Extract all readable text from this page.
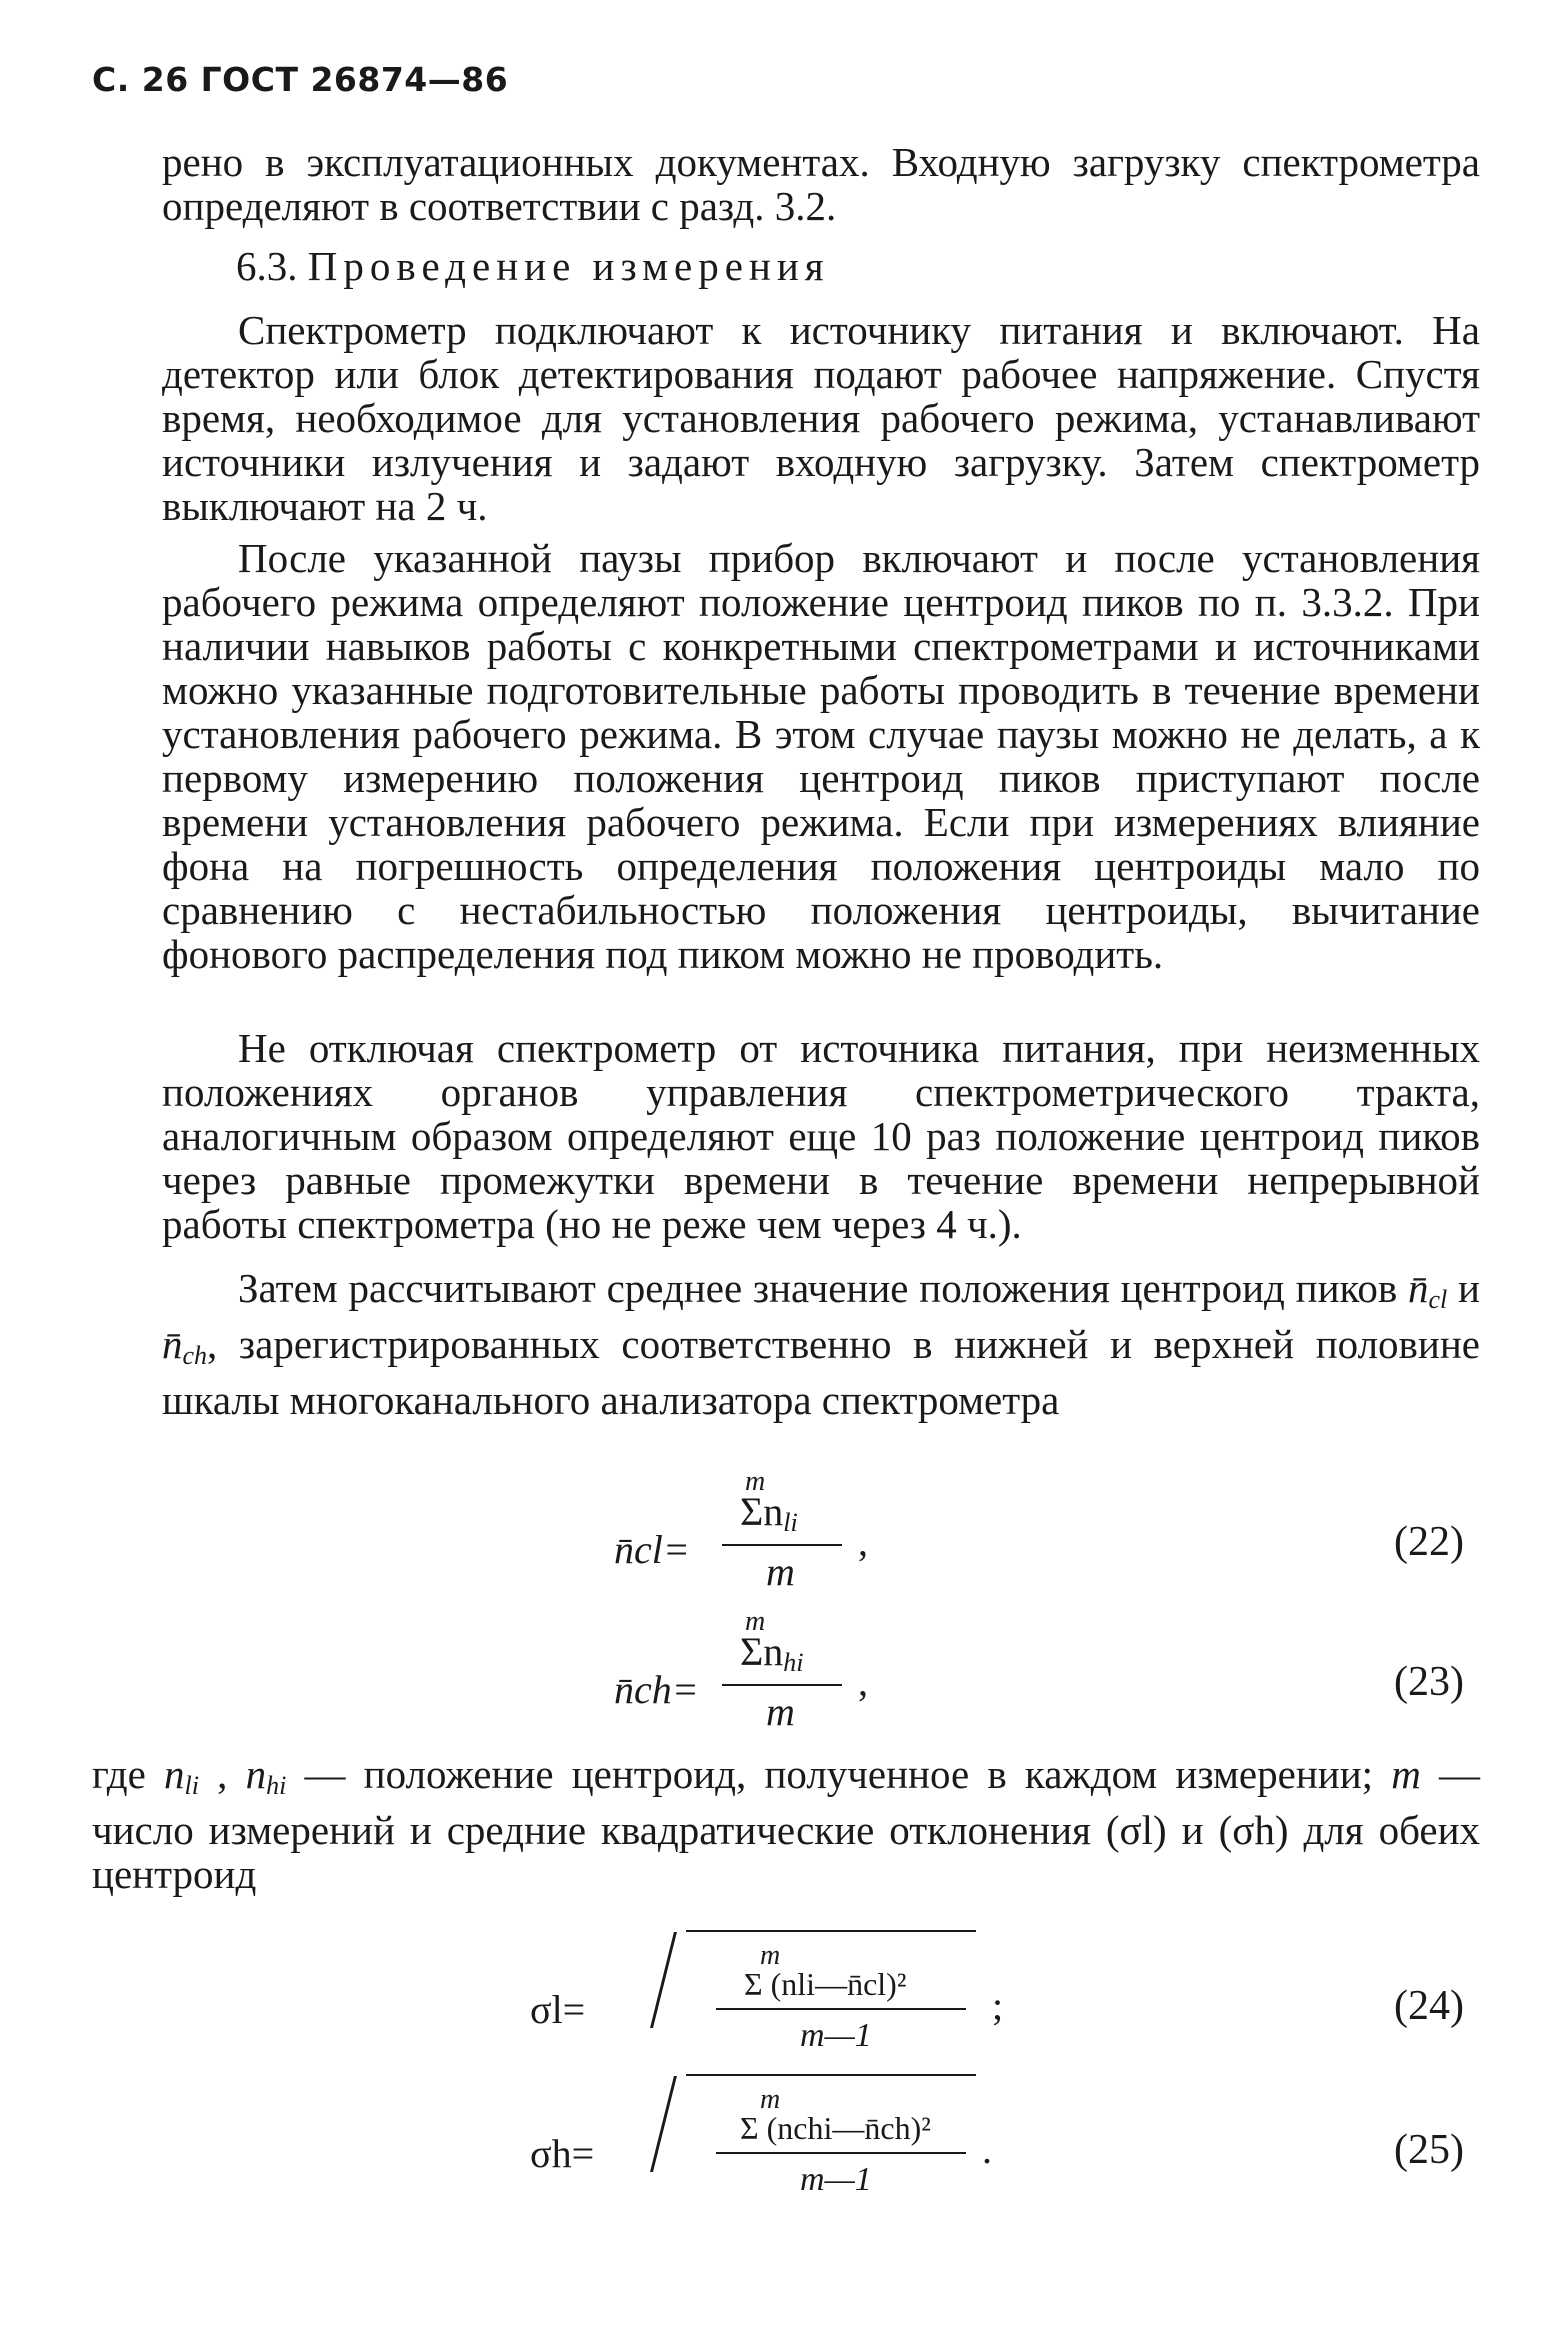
С. 26 ГОСТ 26874—86
рено в эксплуатационных документах. Входную загрузку спектрометра определяют в соответствии с разд. 3.2.
6.3. Проведение измерения
Спектрометр подключают к источнику питания и включают. На детектор или блок детектирования подают рабочее напряжение. Спустя время, необходимое для установления рабочего режима, устанавливают источники излучения и задают входную загрузку. Затем спектрометр выключают на 2 ч.
После указанной паузы прибор включают и после установления рабочего режима определяют положение центроид пиков по п. 3.3.2. При наличии навыков работы с конкретными спектрометрами и источниками можно указанные подготовительные работы проводить в течение времени установления рабочего режима. В этом случае паузы можно не делать, а к первому измерению положения центроид пиков приступают после времени установления рабочего режима. Если при измерениях влияние фона на погрешность определения положения центроиды мало по сравнению с нестабильностью положения центроиды, вычитание фонового распределения под пиком можно не проводить.
Не отключая спектрометр от источника питания, при неизменных положениях органов управления спектрометрического тракта, аналогичным образом определяют еще 10 раз положение центроид пиков через равные промежутки времени в течение времени непрерывной работы спектрометра (но не реже чем через 4 ч.).
Затем рассчитывают среднее значение положения центроид пиков $n̄_{cl}$ и $n̄_{ch}$, зарегистрированных соответственно в нижней и верхней половине шкалы многоканального анализатора спектрометра
n̄cl=
m
$\Sigma n_{li}$
m
,	(22)
n̄ch=
m
$\Sigma n_{hi}$
m
,	(23)
где $n_{li}$ , $n_{hi}$ — положение центроид, полученное в каждом измерении; m — число измерений и средние квадратические отклонения (σl) и (σh) для обеих центроид
σl=
m
Σ (nli—n̄cl)²
m—1
;	(24)
σh=
m
Σ (nchi—n̄ch)²
m—1
.	(25)
